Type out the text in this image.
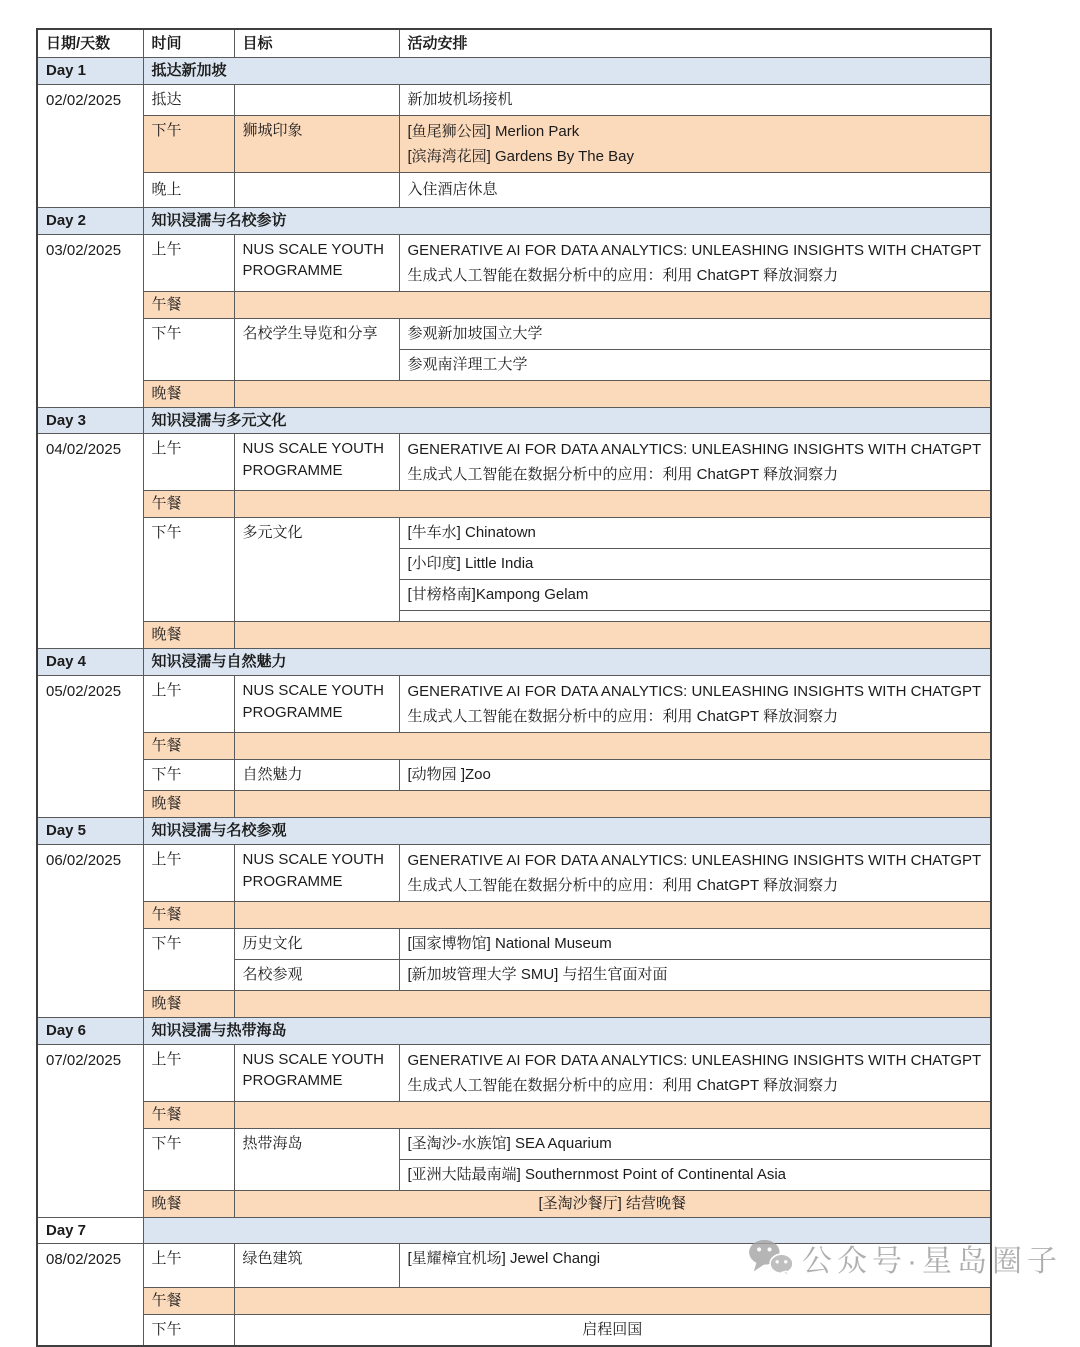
日期/天数	时间	目标	活动安排
Day 1	抵达新加坡		
02/02/2025	抵达		新加坡机场接机
	下午	狮城印象	[鱼尾狮公园] Merlion Park
[滨海湾花园] Gardens By The Bay

	晚上		入住酒店休息
Day 2	知识浸濡与名校参访		
03/02/2025	上午	NUS SCALE YOUTH PROGRAMME	GENERATIVE AI FOR DATA ANALYTICS: UNLEASHING INSIGHTS WITH CHATGPT
生成式人工智能在数据分析中的应用：利用 ChatGPT 释放洞察力

	午餐		
	下午	名校学生导览和分享	参观新加坡国立大学
			参观南洋理工大学
	晚餐		
Day 3	知识浸濡与多元文化		
04/02/2025	上午	NUS SCALE YOUTH PROGRAMME	GENERATIVE AI FOR DATA ANALYTICS: UNLEASHING INSIGHTS WITH CHATGPT
生成式人工智能在数据分析中的应用：利用 ChatGPT 释放洞察力

	午餐		
	下午	多元文化	[牛车水] Chinatown
			[小印度] Little India
			[甘榜格南]Kampong Gelam

	晚餐		
Day 4	知识浸濡与自然魅力		
05/02/2025	上午	NUS SCALE YOUTH PROGRAMME	GENERATIVE AI FOR DATA ANALYTICS: UNLEASHING INSIGHTS WITH CHATGPT
生成式人工智能在数据分析中的应用：利用 ChatGPT 释放洞察力

	午餐		
	下午	自然魅力	[动物园 ]Zoo
	晚餐		
Day 5	知识浸濡与名校参观		
06/02/2025	上午	NUS SCALE YOUTH PROGRAMME	GENERATIVE AI FOR DATA ANALYTICS: UNLEASHING INSIGHTS WITH CHATGPT
生成式人工智能在数据分析中的应用：利用 ChatGPT 释放洞察力

	午餐		
	下午	历史文化	[国家博物馆] National Museum
		名校参观	[新加坡管理大学 SMU] 与招生官面对面
	晚餐		
Day 6	知识浸濡与热带海岛		
07/02/2025	上午	NUS SCALE YOUTH PROGRAMME	GENERATIVE AI FOR DATA ANALYTICS: UNLEASHING INSIGHTS WITH CHATGPT
生成式人工智能在数据分析中的应用：利用 ChatGPT 释放洞察力

	午餐		
	下午	热带海岛	[圣淘沙-水族馆] SEA Aquarium
			[亚洲大陆最南端] Southernmost Point of Continental Asia
	晚餐	[圣淘沙餐厅] 结营晚餐	
Day 7			
08/02/2025	上午	绿色建筑	[星耀樟宜机场] Jewel Changi
	午餐		
	下午	启程回国	
公众号·星岛圈子
